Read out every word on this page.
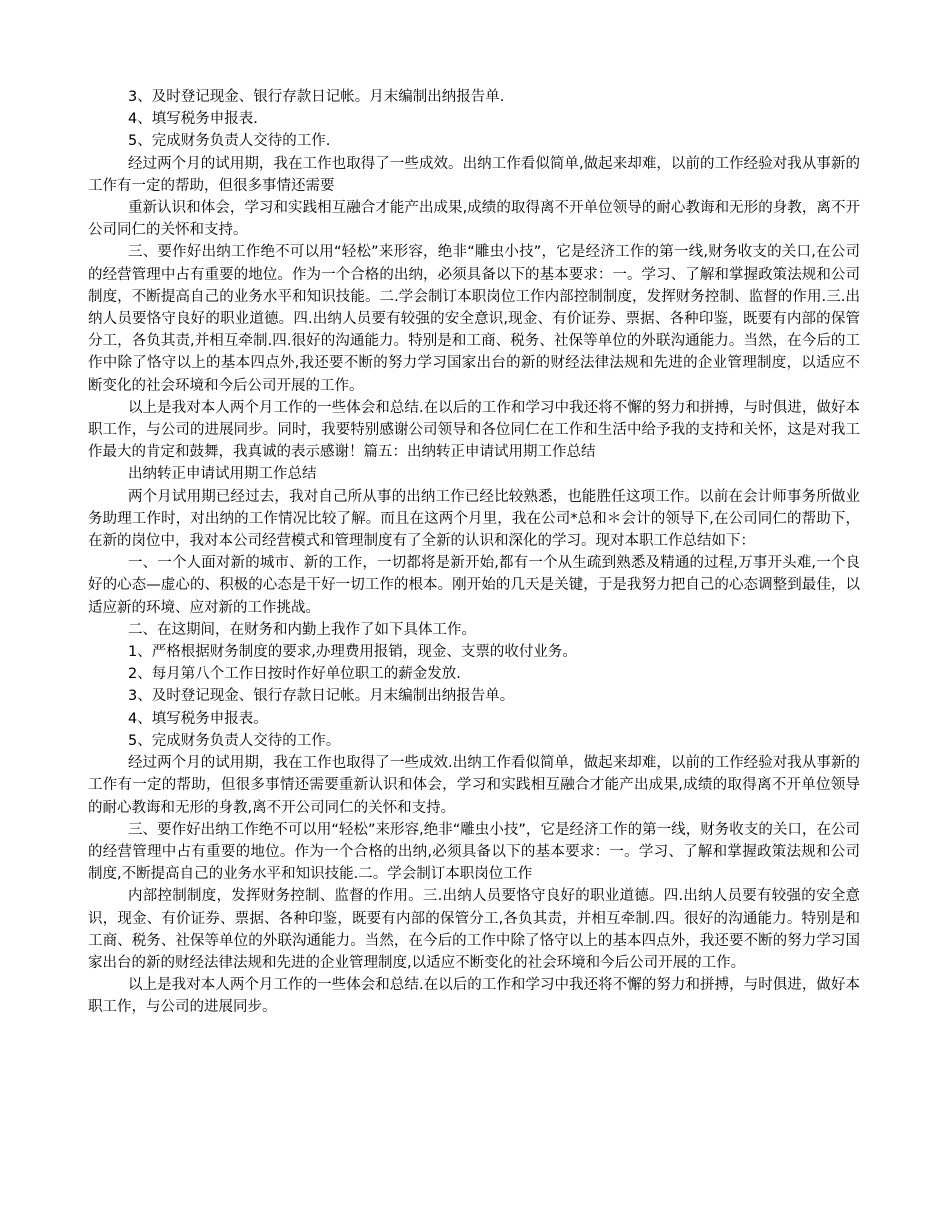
3、及时登记现金、银行存款日记帐。月末编制出纳报告单.

4、填写税务申报表.

5、完成财务负责人交待的工作.

经过两个月的试用期，我在工作也取得了一些成效。出纳工作看似简单,做起来却难，以前的工作经验对我从事新的工作有一定的帮助，但很多事情还需要

重新认识和体会，学习和实践相互融合才能产出成果,成绩的取得离不开单位领导的耐心教诲和无形的身教，离不开公司同仁的关怀和支持。

三、要作好出纳工作绝不可以用“轻松”来形容，绝非“雕虫小技”，它是经济工作的第一线,财务收支的关口,在公司的经营管理中占有重要的地位。作为一个合格的出纳，必须具备以下的基本要求：一。学习、了解和掌握政策法规和公司制度，不断提高自己的业务水平和知识技能。二.学会制订本职岗位工作内部控制制度，发挥财务控制、监督的作用.三.出纳人员要恪守良好的职业道德。四.出纳人员要有较强的安全意识,现金、有价证券、票据、各种印鉴，既要有内部的保管分工，各负其责,并相互牵制.四.很好的沟通能力。特别是和工商、税务、社保等单位的外联沟通能力。当然，在今后的工作中除了恪守以上的基本四点外,我还要不断的努力学习国家出台的新的财经法律法规和先进的企业管理制度，以适应不断变化的社会环境和今后公司开展的工作。

以上是我对本人两个月工作的一些体会和总结.在以后的工作和学习中我还将不懈的努力和拼搏，与时俱进，做好本职工作，与公司的进展同步。同时，我要特别感谢公司领导和各位同仁在工作和生活中给予我的支持和关怀，这是对我工作最大的肯定和鼓舞，我真诚的表示感谢！篇五：出纳转正申请试用期工作总结

出纳转正申请试用期工作总结

两个月试用期已经过去，我对自己所从事的出纳工作已经比较熟悉，也能胜任这项工作。以前在会计师事务所做业务助理工作时，对出纳的工作情况比较了解。而且在这两个月里，我在公司*总和＊会计的领导下,在公司同仁的帮助下，在新的岗位中，我对本公司经营模式和管理制度有了全新的认识和深化的学习。现对本职工作总结如下：

一、一个人面对新的城市、新的工作，一切都将是新开始,都有一个从生疏到熟悉及精通的过程,万事开头难,一个良好的心态—虚心的、积极的心态是干好一切工作的根本。刚开始的几天是关键，于是我努力把自己的心态调整到最佳，以适应新的环境、应对新的工作挑战。

二、在这期间，在财务和内勤上我作了如下具体工作。

1、严格根据财务制度的要求,办理费用报销，现金、支票的收付业务。

2、每月第八个工作日按时作好单位职工的薪金发放.

3、及时登记现金、银行存款日记帐。月末编制出纳报告单。

4、填写税务申报表。

5、完成财务负责人交待的工作。

经过两个月的试用期，我在工作也取得了一些成效.出纳工作看似简单，做起来却难，以前的工作经验对我从事新的工作有一定的帮助，但很多事情还需要重新认识和体会，学习和实践相互融合才能产出成果,成绩的取得离不开单位领导的耐心教诲和无形的身教,离不开公司同仁的关怀和支持。

三、要作好出纳工作绝不可以用“轻松”来形容,绝非“雕虫小技”，它是经济工作的第一线，财务收支的关口，在公司的经营管理中占有重要的地位。作为一个合格的出纳,必须具备以下的基本要求：一。学习、了解和掌握政策法规和公司制度,不断提高自己的业务水平和知识技能.二。学会制订本职岗位工作

内部控制制度，发挥财务控制、监督的作用。三.出纳人员要恪守良好的职业道德。四.出纳人员要有较强的安全意识，现金、有价证券、票据、各种印鉴，既要有内部的保管分工,各负其责，并相互牵制.四。很好的沟通能力。特别是和工商、税务、社保等单位的外联沟通能力。当然，在今后的工作中除了恪守以上的基本四点外，我还要不断的努力学习国家出台的新的财经法律法规和先进的企业管理制度,以适应不断变化的社会环境和今后公司开展的工作。

以上是我对本人两个月工作的一些体会和总结.在以后的工作和学习中我还将不懈的努力和拼搏，与时俱进，做好本职工作，与公司的进展同步。
